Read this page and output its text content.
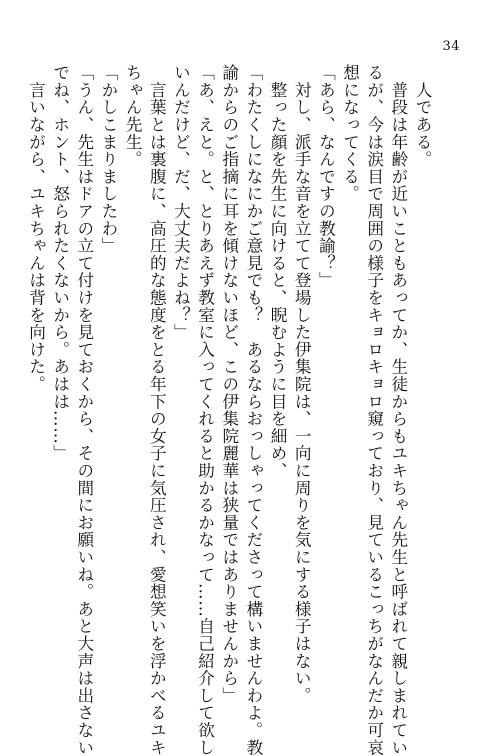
34

　人である。

　普段は年齢が近いこともあってか、生徒からもユキちゃん先生と呼ばれて親しまれてい

るが、今は涙目で周囲の様子をキョロキョロ窺っており、見ているこっちがなんだか可哀

想になってくる。

「あら、なんですの教諭？」

　対し、派手な音を立てて登場した伊集院は、一向に周りを気にする様子はない。

　整った顔を先生に向けると、睨むように目を細め、

「わたくしになにかご意見でも？　あるならおっしゃってくださって構いませんわよ。教

諭からのご指摘に耳を傾けないほど、この伊集院麗華は狭量ではありませんから」

「あ、えと。と、とりあえず教室に入ってくれると助かるかなって……自己紹介して欲し

いんだけど、だ、大丈夫だよね？」

　言葉とは裏腹に、高圧的な態度をとる年下の女子に気圧され、愛想笑いを浮かべるユキ

ちゃん先生。

「かしこまりましたわ」

「うん、先生はドアの立て付けを見ておくから、その間にお願いね。あと大声は出さない

でね、ホント、怒られたくないから。あはは……」

　言いながら、ユキちゃんは背を向けた。
